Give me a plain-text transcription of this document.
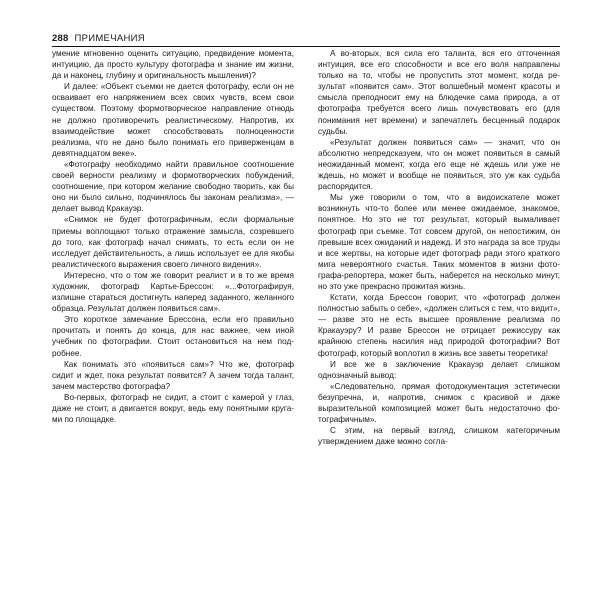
288 ПРИМЕЧАНИЯ

умение мгновенно оценить ситуацию, предвидение момента, интуицию, да просто культуру фотографа и знание им жизни, да и наконец, глубину и оригинальность мышления)?

И далее: «Объект съемки не дается фотографу, если он не осваивает его напряжением всех своих чувств, всем свои существом. Поэтому формотворческое направление отнюдь не должно противоречить реалистическому. Напротив, их взаимодействие может способствовать полноценности реализма, что не дано было понимать его приверженцам в девятнадцатом веке».

«Фотографу необходимо найти правильное соотношение своей верности реализму и формотворческих побуждений, соотношение, при котором желание свободно творить, как бы оно ни было сильно, подчинялось бы законам реализма», — делает вывод Кракауэр.

«Снимок не будет фотографичным, если формальные приемы воплощают только отражение замысла, созревшего до того, как фотограф начал снимать, то есть если он не исследует действительность, а лишь использует ее для якобы реалистического выражения своего личного видения».

Интересно, что о том же говорит реалист и в то же время художник, фотограф Картье-Брессон: «...Фотографируя, излишне стараться достигнуть наперед заданного, желанного образца. Результат должен появиться сам».

Это короткое замечание Брессона, если его правильно прочитать и понять до конца, для нас важнее, чем иной учебник по фотографии. Стоит остановиться на нем подробнее.

Как понимать это «появиться сам»? Что же, фотограф сидит и ждет, пока результат появится? А зачем тогда талант, зачем мастерство фотографа?

Во-первых, фотограф не сидит, а стоит с камерой у глаз, даже не стоит, а двигается вокруг, ведь ему понятными кругами по площадке.

А во-вторых, вся сила его таланта, вся его отточенная интуиция, все его способности и все его воля направлены только на то, чтобы не пропустить этот момент, когда результат «появится сам». Этот волшебный момент красоты и смысла преподносит ему на блюдечке сама природа, а от фотографа требуется всего лишь почувствовать его (для понимания нет времени) и запечатлеть бесценный подарок судьбы.

«Результат должен появиться сам» — значит, что он абсолютно непредсказуем, что он может появиться в самый неожиданный момент, когда его еще не ждешь или уже не ждешь, но может и вообще не появиться, это уж как судьба распорядится.

Мы уже говорили о том, что в видоискателе может возникнуть что-то более или менее ожидаемое, знакомое, понятное. Но это не тот результат, который вымаливает фотограф при съемке. Тот совсем другой, он непостижим, он превыше всех ожиданий и надежд. И это награда за все труды и все жертвы, на которые идет фотограф ради этого краткого мига невероятного счастья. Таких моментов в жизни фотографа-репортера, может быть, наберется на несколько минут, но это уже прекрасно прожитая жизнь.

Кстати, когда Брессон говорит, что «фотограф должен полностью забыть о себе», «должен слиться с тем, что видит», — разве это не есть высшее проявление реализма по Кракауэру? И разве Брессон не отрицает режиссуру как крайнюю степень насилия над природой фотографии? Вот фотограф, который воплотил в жизнь все заветы теоретика!

И все же в заключение Кракауэр делает слишком однозначный вывод:

«Следовательно, прямая фотодокументация эстетически безупречна, и, напротив, снимок с красивой и даже выразительной композицией может быть недостаточно фотографичным».

С этим, на первый взгляд, слишком категоричным утверждением даже можно согла-
